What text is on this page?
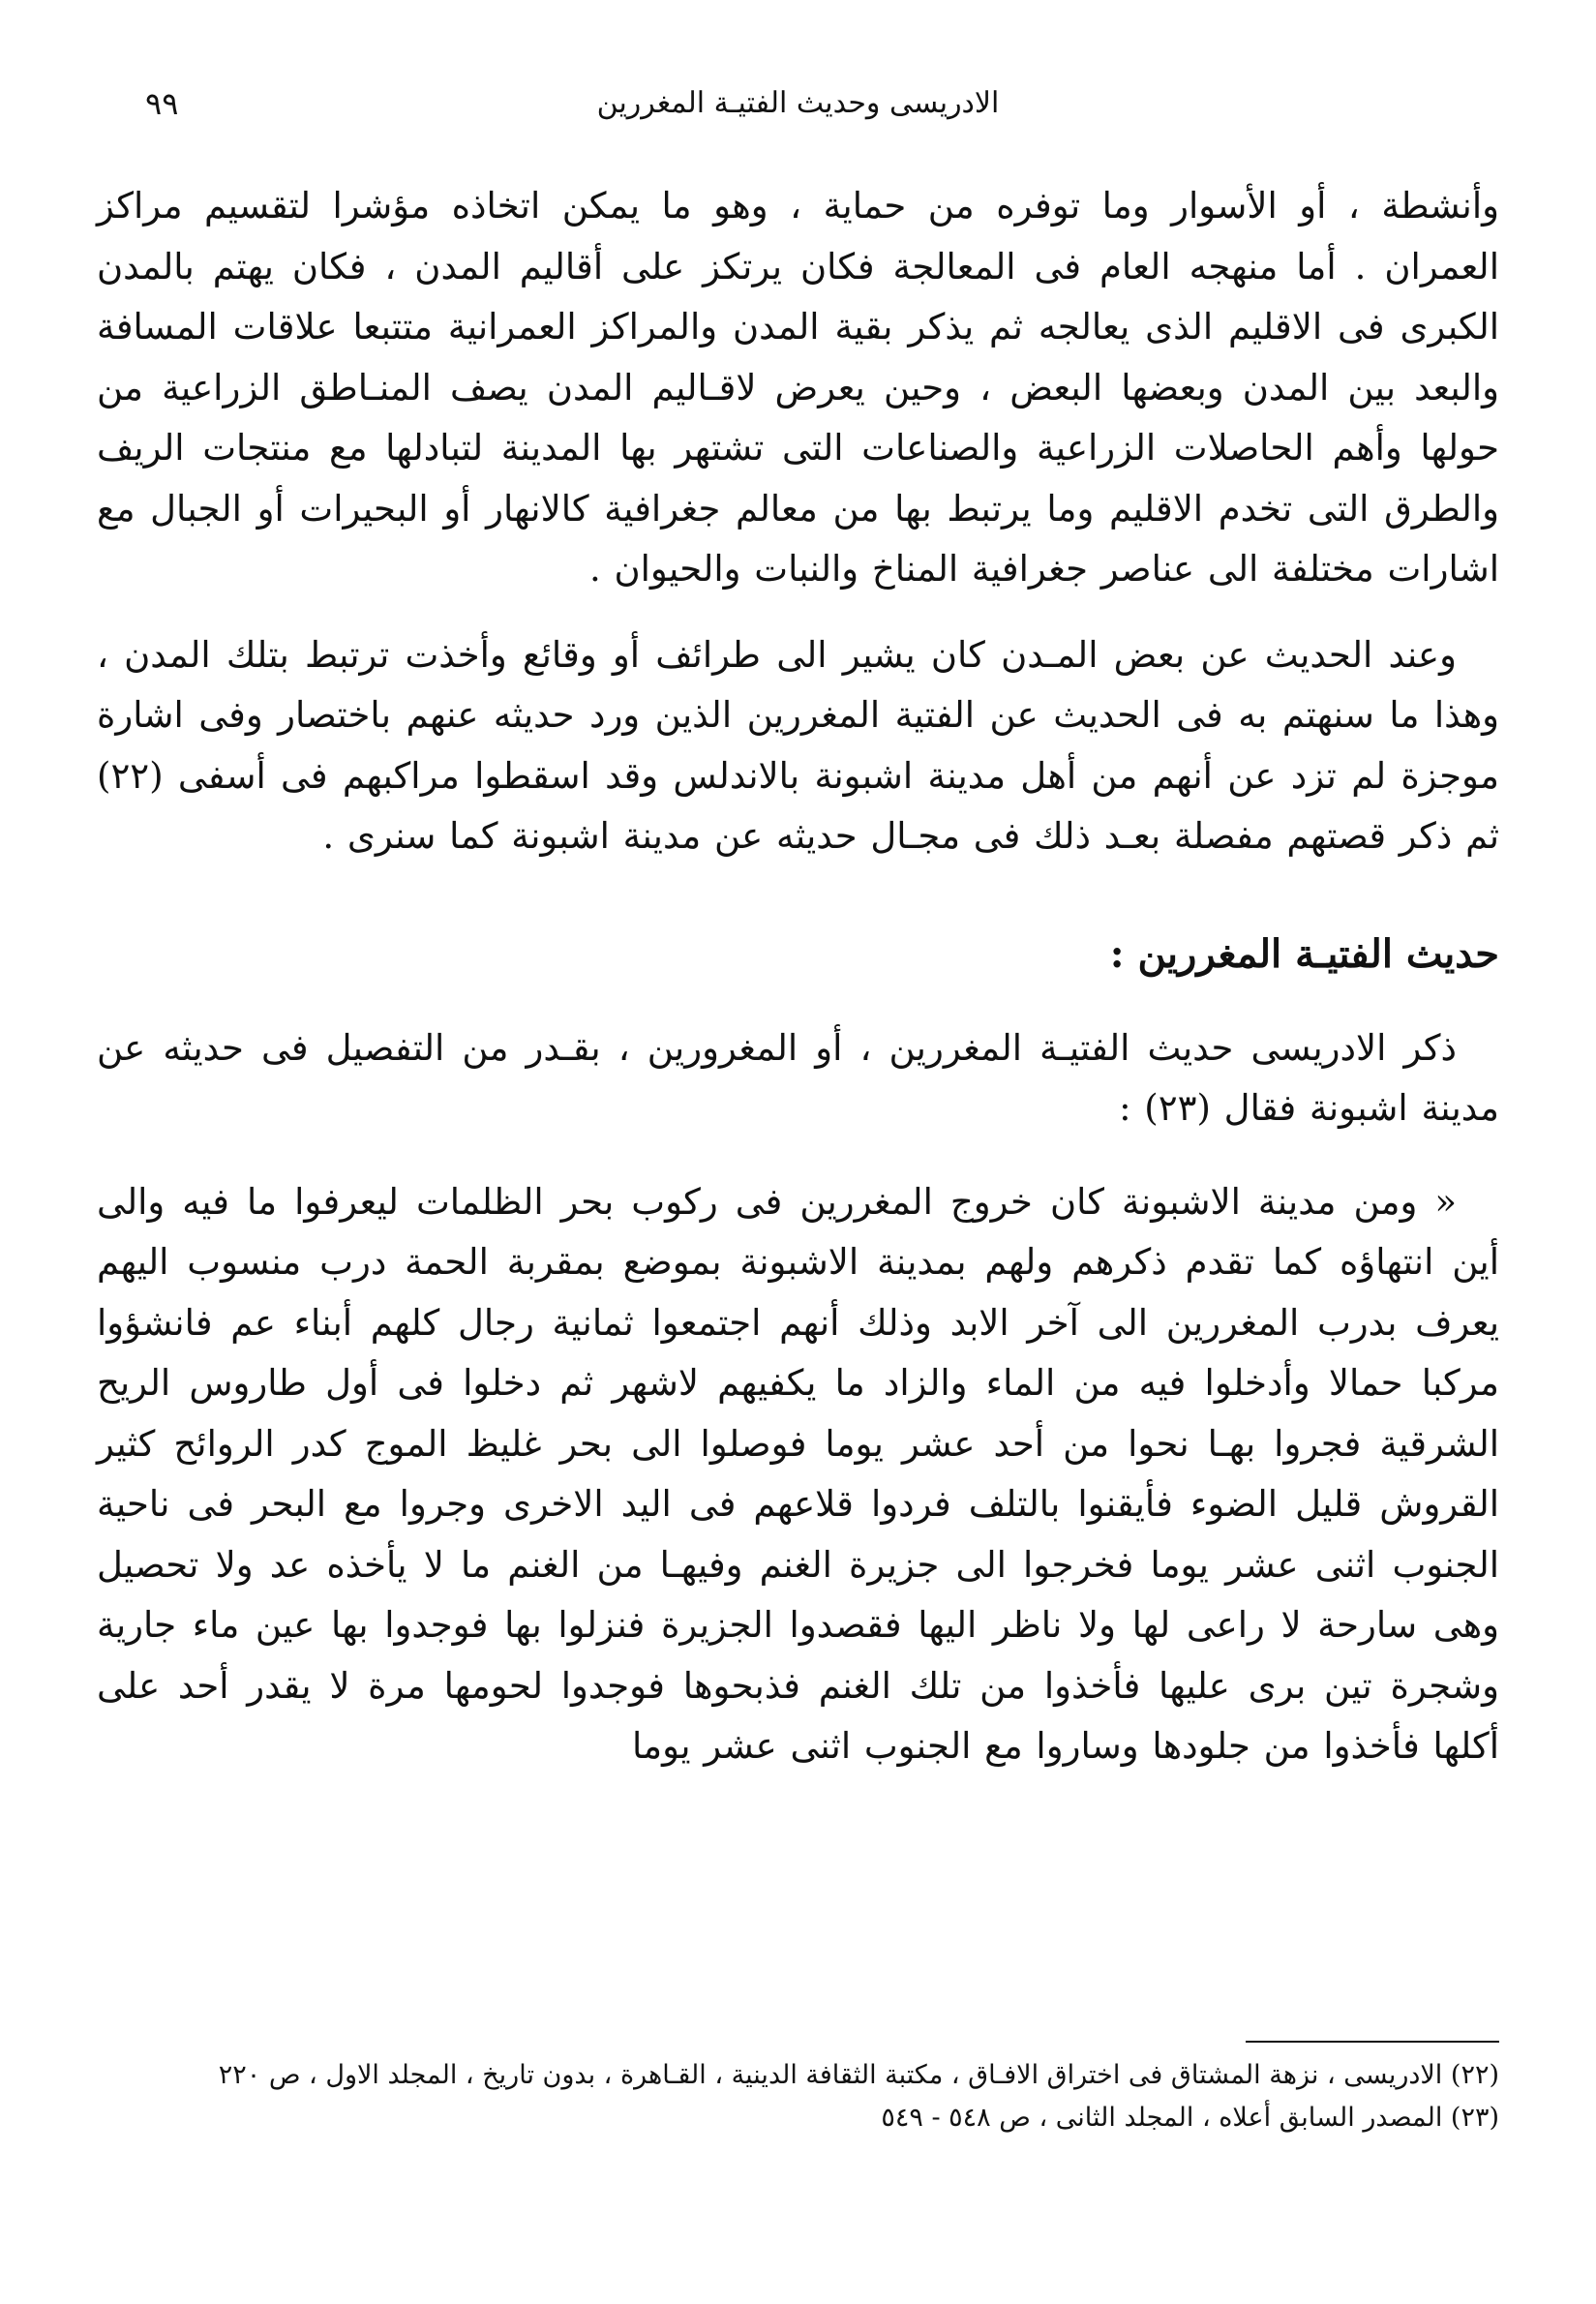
الادريسى وحديث الفتيـة المغررين
٩٩

وأنشطة ، أو الأسوار وما توفره من حماية ، وهو ما يمكن اتخاذه مؤشرا لتقسيم مراكز العمران . أما منهجه العام فى المعالجة فكان يرتكز على أقاليم المدن ، فكان يهتم بالمدن الكبرى فى الاقليم الذى يعالجه ثم يذكر بقية المدن والمراكز العمرانية متتبعا علاقات المسافة والبعد بين المدن وبعضها البعض ، وحين يعرض لاقـاليم المدن يصف المنـاطق الزراعية من حولها وأهم الحاصلات الزراعية والصناعات التى تشتهر بها المدينة لتبادلها مع منتجات الريف والطرق التى تخدم الاقليم وما يرتبط بها من معالم جغرافية كالانهار أو البحيرات أو الجبال مع اشارات مختلفة الى عناصر جغرافية المناخ والنبات والحيوان .

وعند الحديث عن بعض المـدن كان يشير الى طرائف أو وقائع وأخذت ترتبط بتلك المدن ، وهذا ما سنهتم به فى الحديث عن الفتية المغررين الذين ورد حديثه عنهم باختصار وفى اشارة موجزة لم تزد عن أنهم من أهل مدينة اشبونة بالاندلس وقد اسقطوا مراكبهم فى أسفى (٢٢) ثم ذكر قصتهم مفصلة بعـد ذلك فى مجـال حديثه عن مدينة اشبونة كما سنرى .

حديث الفتيـة المغررين :

ذكر الادريسى حديث الفتيـة المغررين ، أو المغرورين ، بقـدر من التفصيل فى حديثه عن مدينة اشبونة فقال (٢٣) :

« ومن مدينة الاشبونة كان خروج المغررين فى ركوب بحر الظلمات ليعرفوا ما فيه والى أين انتهاؤه كما تقدم ذكرهم ولهم بمدينة الاشبونة بموضع بمقربة الحمة درب منسوب اليهم يعرف بدرب المغررين الى آخر الابد وذلك أنهم اجتمعوا ثمانية رجال كلهم أبناء عم فانشؤوا مركبا حمالا وأدخلوا فيه من الماء والزاد ما يكفيهم لاشهر ثم دخلوا فى أول طاروس الريح الشرقية فجروا بهـا نحوا من أحد عشر يوما فوصلوا الى بحر غليظ الموج كدر الروائح كثير القروش قليل الضوء فأيقنوا بالتلف فردوا قلاعهم فى اليد الاخرى وجروا مع البحر فى ناحية الجنوب اثنى عشر يوما فخرجوا الى جزيرة الغنم وفيهـا من الغنم ما لا يأخذه عد ولا تحصيل وهى سارحة لا راعى لها ولا ناظر اليها فقصدوا الجزيرة فنزلوا بها فوجدوا بها عين ماء جارية وشجرة تين برى عليها فأخذوا من تلك الغنم فذبحوها فوجدوا لحومها مرة لا يقدر أحد على أكلها فأخذوا من جلودها وساروا مع الجنوب اثنى عشر يوما

(٢٢) الادريسى ، نزهة المشتاق فى اختراق الافـاق ، مكتبة الثقافة الدينية ، القـاهرة ، بدون تاريخ ، المجلد الاول ، ص ٢٢٠

(٢٣) المصدر السابق أعلاه ، المجلد الثانى ، ص ٥٤٨ - ٥٤٩
